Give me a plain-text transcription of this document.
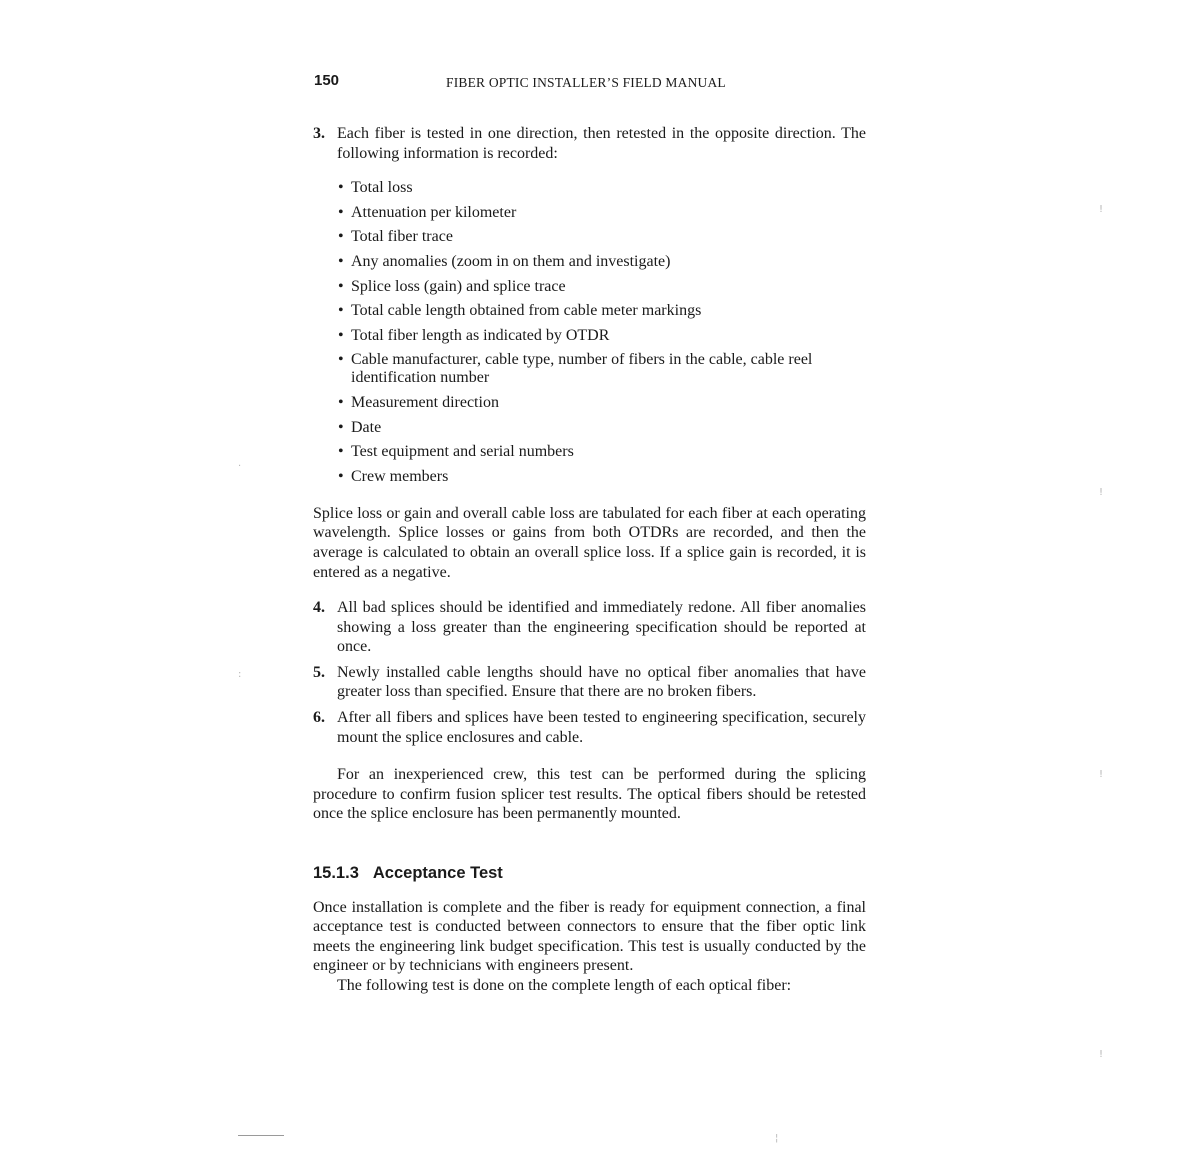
150	FIBER OPTIC INSTALLER’S FIELD MANUAL
3. Each fiber is tested in one direction, then retested in the opposite direction. The following information is recorded:
• Total loss
• Attenuation per kilometer
• Total fiber trace
• Any anomalies (zoom in on them and investigate)
• Splice loss (gain) and splice trace
• Total cable length obtained from cable meter markings
• Total fiber length as indicated by OTDR
• Cable manufacturer, cable type, number of fibers in the cable, cable reel identification number
• Measurement direction
• Date
• Test equipment and serial numbers
• Crew members

Splice loss or gain and overall cable loss are tabulated for each fiber at each operating wavelength. Splice losses or gains from both OTDRs are recorded, and then the average is calculated to obtain an overall splice loss. If a splice gain is recorded, it is entered as a negative.

4. All bad splices should be identified and immediately redone. All fiber anomalies showing a loss greater than the engineering specification should be reported at once.
5. Newly installed cable lengths should have no optical fiber anomalies that have greater loss than specified. Ensure that there are no broken fibers.
6. After all fibers and splices have been tested to engineering specification, securely mount the splice enclosures and cable.

For an inexperienced crew, this test can be performed during the splicing procedure to confirm fusion splicer test results. The optical fibers should be retested once the splice enclosure has been permanently mounted.

15.1.3 Acceptance Test

Once installation is complete and the fiber is ready for equipment connection, a final acceptance test is conducted between connectors to ensure that the fiber optic link meets the engineering link budget specification. This test is usually conducted by the engineer or by technicians with engineers present.

The following test is done on the complete length of each optical fiber:

·
:
!
!
!
!
¦
